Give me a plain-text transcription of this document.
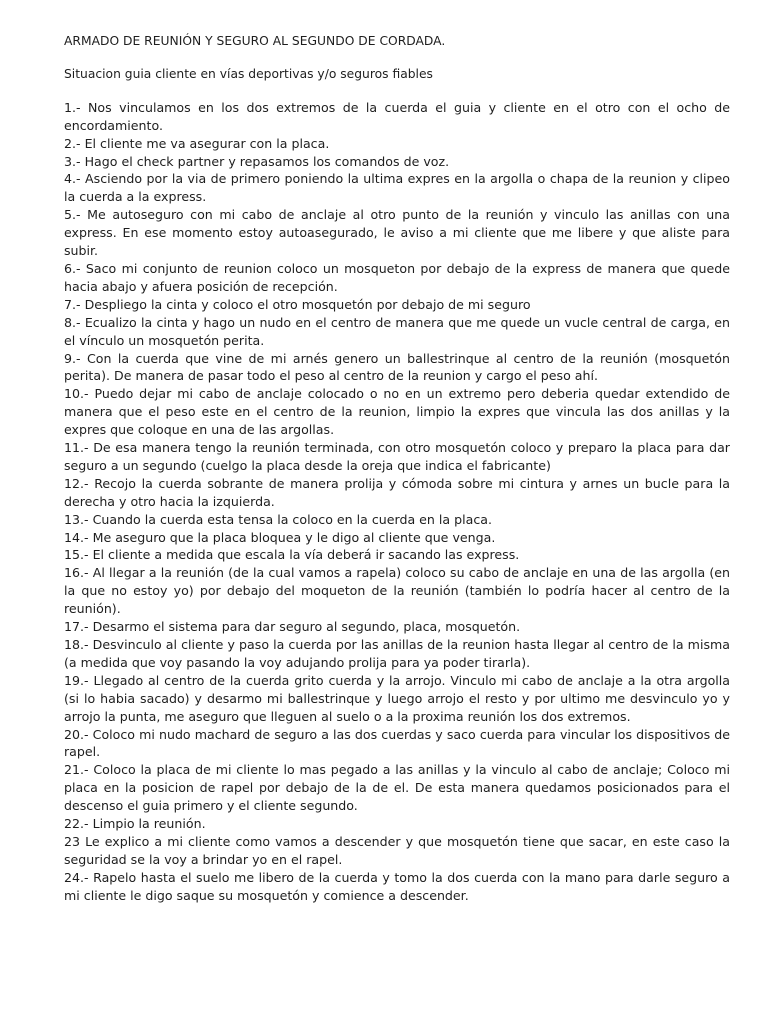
ARMADO DE REUNIÓN Y SEGURO AL SEGUNDO DE CORDADA.

Situacion guia cliente en vías deportivas y/o seguros fiables

1.- Nos vinculamos en los dos extremos de la cuerda el guia y cliente en el otro con el ocho de encordamiento.

2.- El cliente me va asegurar con la placa.

3.- Hago el check partner y repasamos los comandos de voz.

4.- Asciendo por la via de primero poniendo la ultima expres en la argolla o chapa de la reunion y clipeo la cuerda a la express.

5.- Me autoseguro con mi cabo de anclaje al otro punto de la reunión y vinculo las anillas con una express. En ese momento estoy autoasegurado, le aviso a mi cliente que me libere y que aliste para subir.

6.- Saco mi conjunto de reunion coloco un mosqueton por debajo de la express de manera que quede hacia abajo y afuera posición de recepción.

7.- Despliego la cinta y coloco el otro mosquetón por debajo de mi seguro

8.- Ecualizo la cinta y hago un nudo en el centro de manera que me quede un vucle central de carga, en el vínculo un mosquetón perita.

9.- Con la cuerda que vine de mi arnés genero un ballestrinque al centro de la reunión (mosquetón perita). De manera de pasar todo el peso al centro de la reunion y cargo el peso ahí.

10.- Puedo dejar mi cabo de anclaje colocado o no en un extremo pero deberia quedar extendido de manera que el peso este en el centro de la reunion, limpio la expres que vincula las dos anillas y la expres que coloque en una de las argollas.

11.- De esa manera tengo la reunión terminada, con otro mosquetón coloco y preparo la placa para dar seguro a un segundo (cuelgo la placa desde la oreja que indica el fabricante)

12.- Recojo la cuerda sobrante de manera prolija y cómoda sobre mi cintura y arnes un bucle para la derecha y otro hacia la izquierda.

13.- Cuando la cuerda esta tensa la coloco en la cuerda en la placa.

14.- Me aseguro que la placa bloquea y le digo al cliente que venga.

15.- El cliente a medida que escala la vía deberá ir sacando las express.

16.- Al llegar a la reunión (de la cual vamos a rapela) coloco su cabo de anclaje en una de las argolla (en la que no estoy yo) por debajo del moqueton de la reunión (también lo podría hacer al centro de la reunión).

17.- Desarmo el sistema para dar seguro al segundo, placa, mosquetón.

18.- Desvinculo al cliente y paso la cuerda por las anillas de la reunion hasta llegar al centro de la misma (a medida que voy pasando la voy adujando prolija para ya poder tirarla).

19.- Llegado al centro de la cuerda grito cuerda y la arrojo. Vinculo mi cabo de anclaje a la otra argolla (si lo habia sacado) y desarmo mi ballestrinque y luego arrojo el resto y por ultimo me desvinculo yo y arrojo la punta, me aseguro que lleguen al suelo o a la proxima reunión los dos extremos.

20.- Coloco mi nudo machard de seguro a las dos cuerdas y saco cuerda para vincular los dispositivos de rapel.

21.- Coloco la placa de mi cliente lo mas pegado a las anillas y la vinculo al cabo de anclaje; Coloco mi placa en la posicion de rapel por debajo de la de el. De esta manera quedamos posicionados para el descenso el guia primero y el cliente segundo.

22.- Limpio la reunión.

23 Le explico a mi cliente como vamos a descender y que mosquetón tiene que sacar, en este caso la seguridad se la voy a brindar yo en el rapel.

24.- Rapelo hasta el suelo me libero de la cuerda y tomo la dos cuerda con la mano para darle seguro a mi cliente le digo saque su mosquetón y comience a descender.
